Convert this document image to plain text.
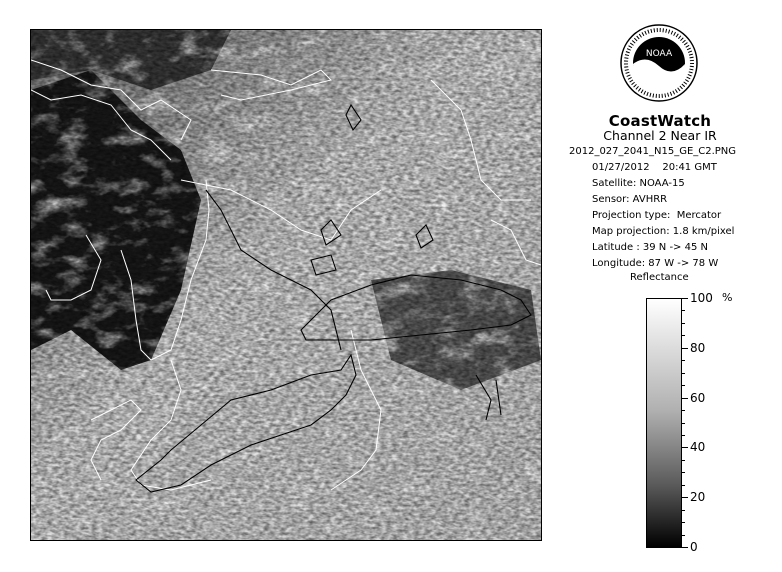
NOAA
CoastWatch
Channel 2 Near IR
2012_027_2041_N15_GE_C2.PNG
01/27/2012    20:41 GMT
Satellite: NOAA-15
Sensor: AVHRR
Projection type:  Mercator
Map projection: 1.8 km/pixel
Latitude : 39 N -> 45 N
Longitude: 87 W -> 78 W
Reflectance
%
100
80
60
40
20
0
